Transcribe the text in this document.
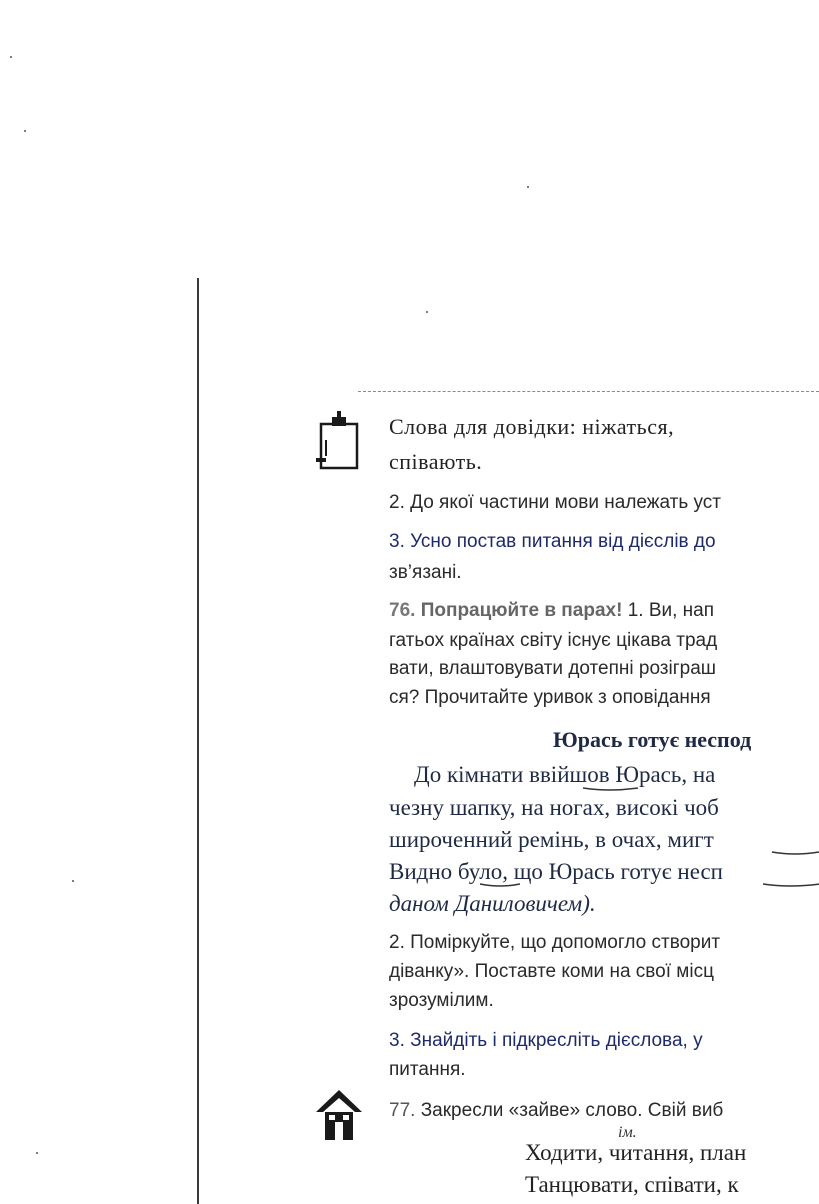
Слова для довідки: ніжаться,
співають.
2. До якої частини мови належать уст
3. Усно постав питання від дієслів до
зв’язані.
76. Попрацюйте в парах! 1. Ви, нап
гатьох країнах світу існує цікава трад
вати, влаштовувати дотепні розіграш
ся? Прочитайте уривок з оповідання
Юрась готує неспод
До кімнати ввійшов Юрась, на
чезну шапку, на ногах, високі чоб
широченний ремінь, в очах, мигт
Видно було, що Юрась готує несп
даном Даниловичем).
2. Поміркуйте, що допомогло створит
діванку». Поставте коми на свої місц
зрозумілим.
3. Знайдіть і підкресліть дієслова, у
питання.
77. Закресли «зайве» слово. Свій виб
ім.
Ходити, читання, план
Танцювати, співати, к
